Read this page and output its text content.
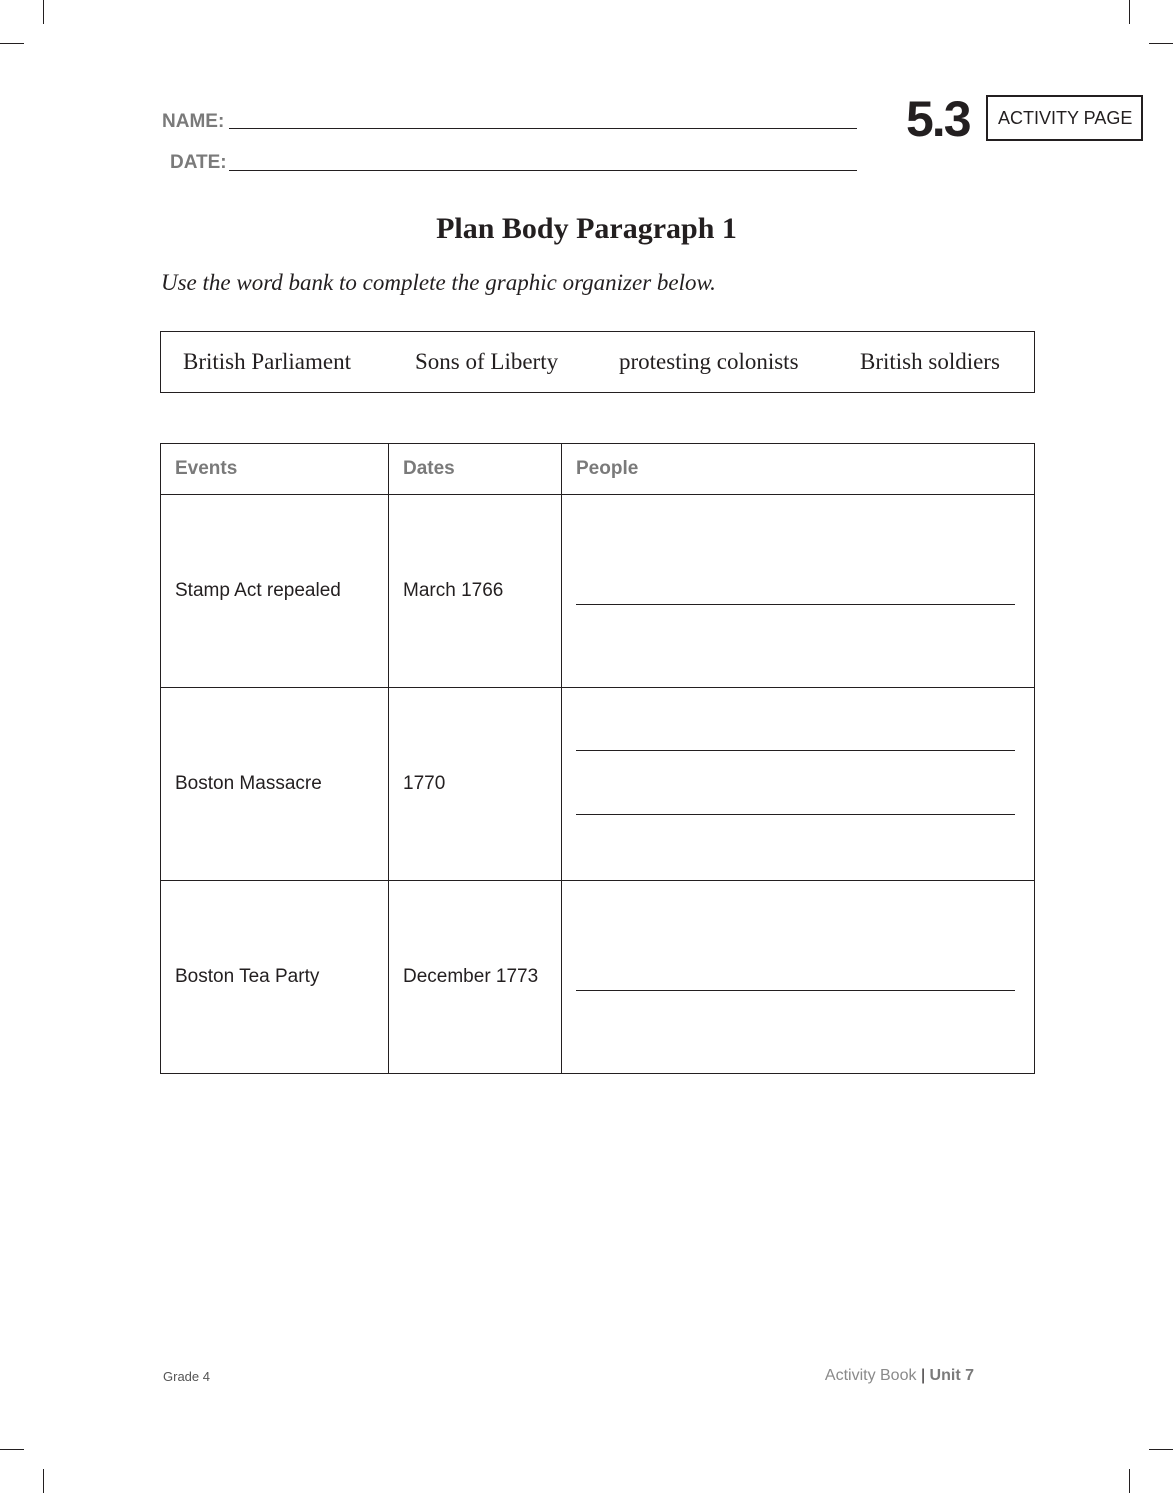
NAME:
DATE:
5.3	ACTIVITY PAGE
Plan Body Paragraph 1
Use the word bank to complete the graphic organizer below.
British Parliament	Sons of Liberty	protesting colonists	British soldiers
Events	Dates	People
Stamp Act repealed	March 1766	

Boston Massacre	1770	

Boston Tea Party	December 1773	
Grade 4	Activity Book | Unit 7
